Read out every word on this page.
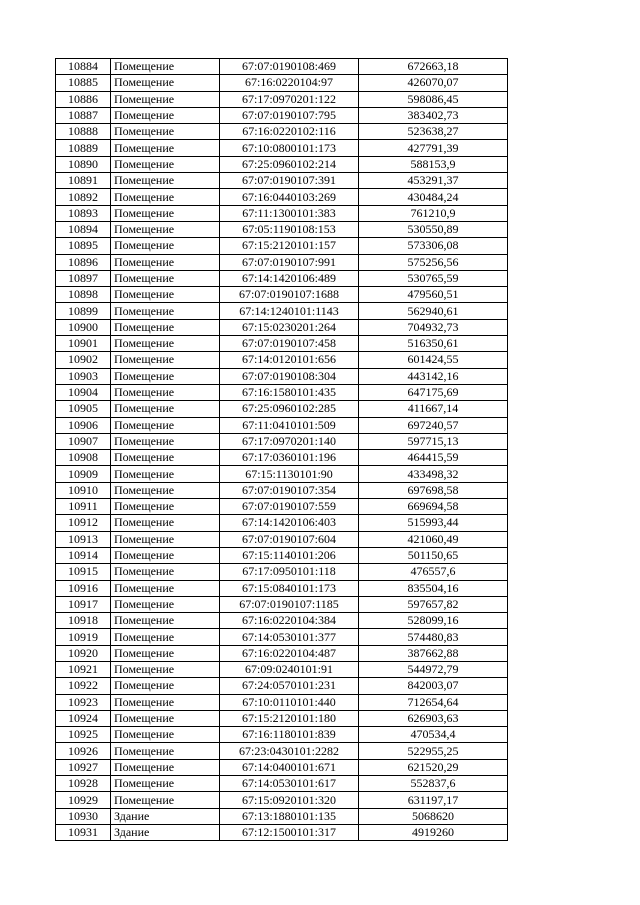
10884	Помещение	67:07:0190108:469	672663,18
10885	Помещение	67:16:0220104:97	426070,07
10886	Помещение	67:17:0970201:122	598086,45
10887	Помещение	67:07:0190107:795	383402,73
10888	Помещение	67:16:0220102:116	523638,27
10889	Помещение	67:10:0800101:173	427791,39
10890	Помещение	67:25:0960102:214	588153,9
10891	Помещение	67:07:0190107:391	453291,37
10892	Помещение	67:16:0440103:269	430484,24
10893	Помещение	67:11:1300101:383	761210,9
10894	Помещение	67:05:1190108:153	530550,89
10895	Помещение	67:15:2120101:157	573306,08
10896	Помещение	67:07:0190107:991	575256,56
10897	Помещение	67:14:1420106:489	530765,59
10898	Помещение	67:07:0190107:1688	479560,51
10899	Помещение	67:14:1240101:1143	562940,61
10900	Помещение	67:15:0230201:264	704932,73
10901	Помещение	67:07:0190107:458	516350,61
10902	Помещение	67:14:0120101:656	601424,55
10903	Помещение	67:07:0190108:304	443142,16
10904	Помещение	67:16:1580101:435	647175,69
10905	Помещение	67:25:0960102:285	411667,14
10906	Помещение	67:11:0410101:509	697240,57
10907	Помещение	67:17:0970201:140	597715,13
10908	Помещение	67:17:0360101:196	464415,59
10909	Помещение	67:15:1130101:90	433498,32
10910	Помещение	67:07:0190107:354	697698,58
10911	Помещение	67:07:0190107:559	669694,58
10912	Помещение	67:14:1420106:403	515993,44
10913	Помещение	67:07:0190107:604	421060,49
10914	Помещение	67:15:1140101:206	501150,65
10915	Помещение	67:17:0950101:118	476557,6
10916	Помещение	67:15:0840101:173	835504,16
10917	Помещение	67:07:0190107:1185	597657,82
10918	Помещение	67:16:0220104:384	528099,16
10919	Помещение	67:14:0530101:377	574480,83
10920	Помещение	67:16:0220104:487	387662,88
10921	Помещение	67:09:0240101:91	544972,79
10922	Помещение	67:24:0570101:231	842003,07
10923	Помещение	67:10:0110101:440	712654,64
10924	Помещение	67:15:2120101:180	626903,63
10925	Помещение	67:16:1180101:839	470534,4
10926	Помещение	67:23:0430101:2282	522955,25
10927	Помещение	67:14:0400101:671	621520,29
10928	Помещение	67:14:0530101:617	552837,6
10929	Помещение	67:15:0920101:320	631197,17
10930	Здание	67:13:1880101:135	5068620
10931	Здание	67:12:1500101:317	4919260
